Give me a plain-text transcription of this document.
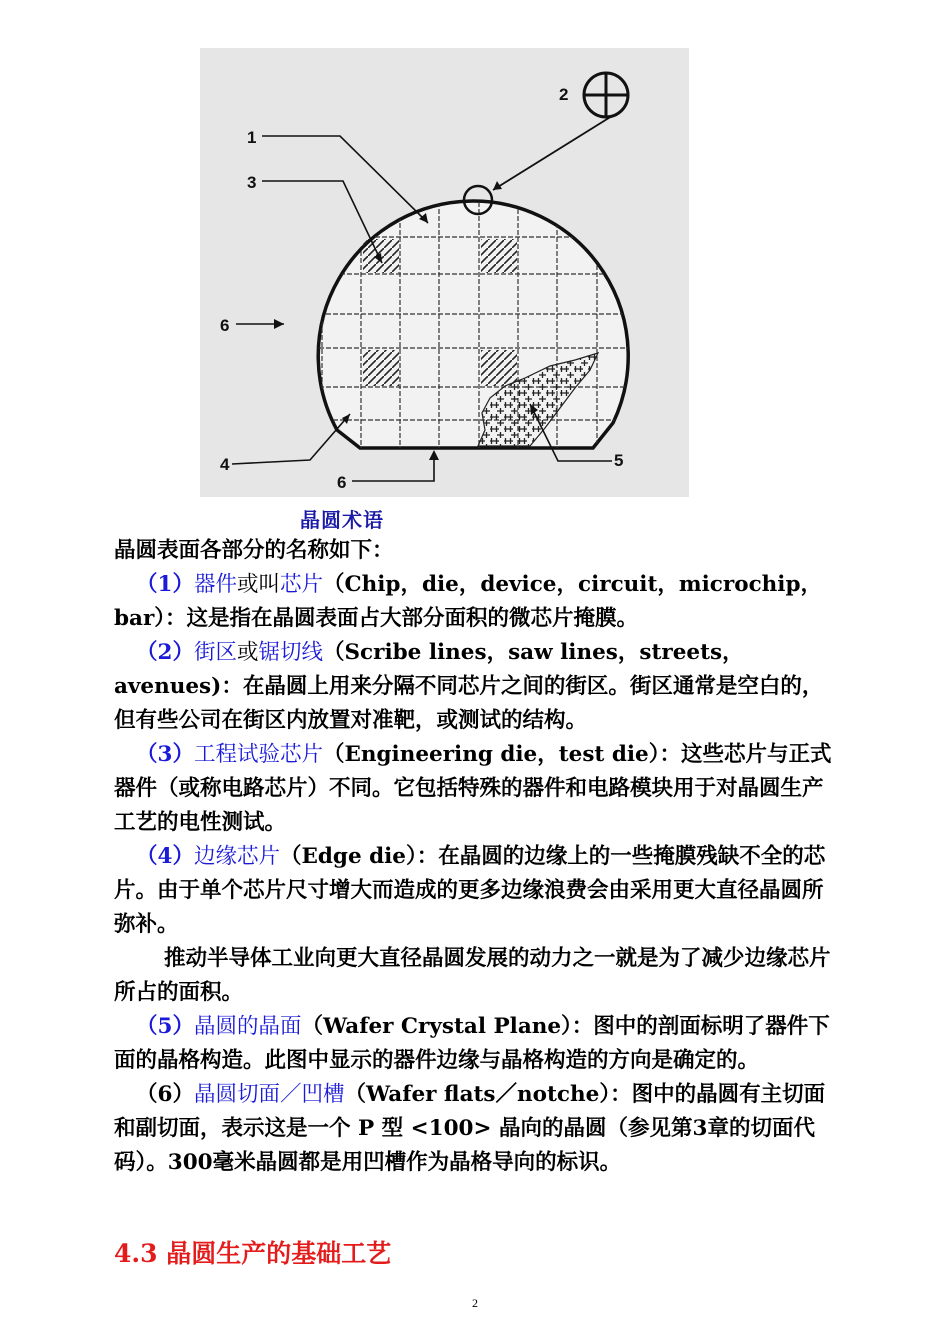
1
2
3
6
4
6
5
晶圆术语

晶圆表面各部分的名称如下：

（1）器件或叫芯片（Chip，die，device，circuit，microchip，bar）：这是指在晶圆表面占大部分面积的微芯片掩膜。

（2）街区或锯切线（Scribe lines，saw lines，streets，avenues)：在晶圆上用来分隔不同芯片之间的街区。街区通常是空白的，但有些公司在街区内放置对准靶，或测试的结构。

（3）工程试验芯片（Engineering die，test die）：这些芯片与正式器件（或称电路芯片）不同。它包括特殊的器件和电路模块用于对晶圆生产工艺的电性测试。

（4）边缘芯片（Edge die）：在晶圆的边缘上的一些掩膜残缺不全的芯片。由于单个芯片尺寸增大而造成的更多边缘浪费会由采用更大直径晶圆所弥补。

推动半导体工业向更大直径晶圆发展的动力之一就是为了减少边缘芯片所占的面积。

（5）晶圆的晶面（Wafer Crystal Plane）：图中的剖面标明了器件下面的晶格构造。此图中显示的器件边缘与晶格构造的方向是确定的。

（6）晶圆切面／凹槽（Wafer flats／notche）：图中的晶圆有主切面和副切面，表示这是一个 P 型 <100> 晶向的晶圆（参见第3章的切面代码）。300毫米晶圆都是用凹槽作为晶格导向的标识。

4.3 晶圆生产的基础工艺
2
